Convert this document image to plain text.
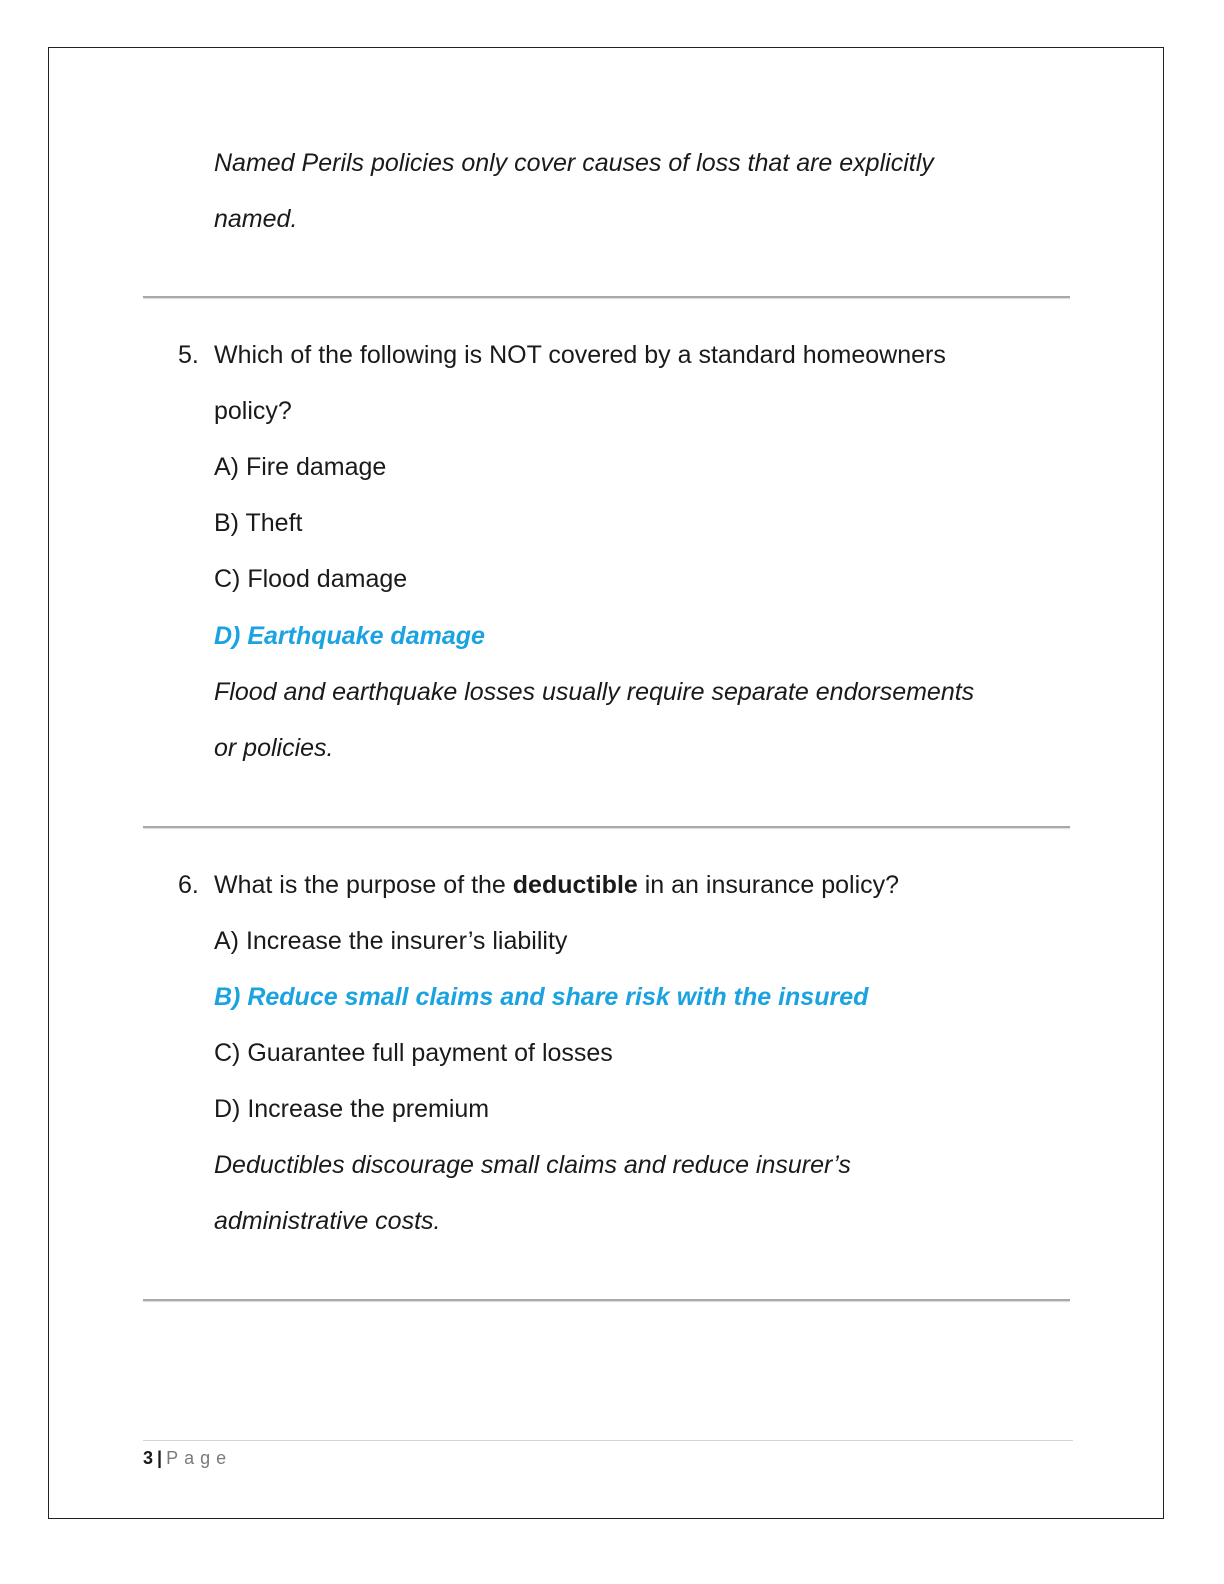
Named Perils policies only cover causes of loss that are explicitly
named.
5. Which of the following is NOT covered by a standard homeowners
policy?
A) Fire damage
B) Theft
C) Flood damage
D) Earthquake damage
Flood and earthquake losses usually require separate endorsements
or policies.
6. What is the purpose of the deductible in an insurance policy?
A) Increase the insurer’s liability
B) Reduce small claims and share risk with the insured
C) Guarantee full payment of losses
D) Increase the premium
Deductibles discourage small claims and reduce insurer’s
administrative costs.
3 | Page
